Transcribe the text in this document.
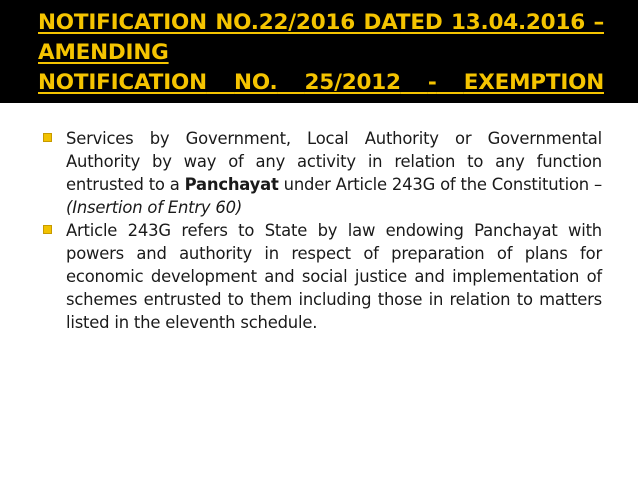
NOTIFICATION NO.22/2016 DATED 13.04.2016 – AMENDING
NOTIFICATION NO. 25/2012 - EXEMPTION
Services by Government, Local Authority or Governmental Authority by way of any activity in relation to any function entrusted to a Panchayat under Article 243G of the Constitution – (Insertion of Entry 60)
Article 243G refers to State by law endowing Panchayat with powers and authority in respect of preparation of plans for economic development and social justice and implementation of schemes entrusted to them including those in relation to matters listed in the eleventh schedule.
